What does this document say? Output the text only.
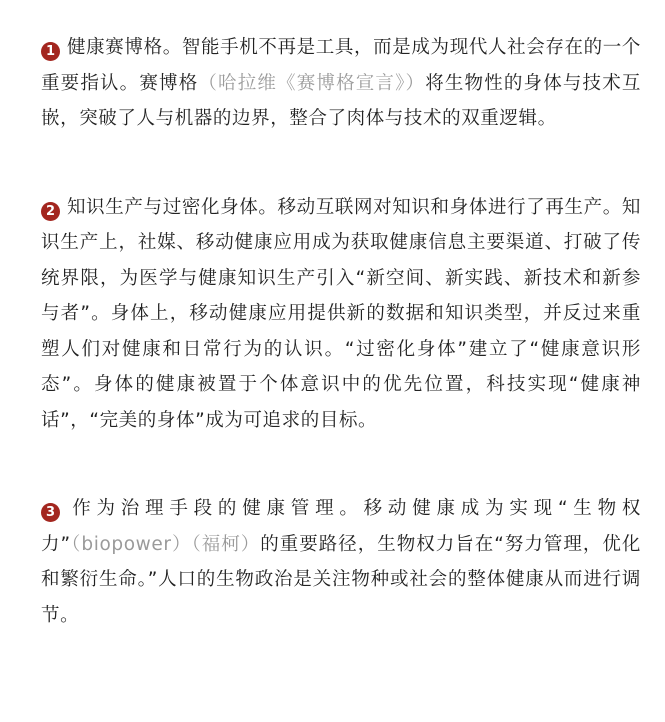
1 健康赛博格。智能手机不再是工具，而是成为现代人社会存在的一个重要指认。赛博格（哈拉维《赛博格宣言》）将生物性的身体与技术互嵌，突破了人与机器的边界，整合了肉体与技术的双重逻辑。

2 知识生产与过密化身体。移动互联网对知识和身体进行了再生产。知识生产上，社媒、移动健康应用成为获取健康信息主要渠道、打破了传统界限，为医学与健康知识生产引入“新空间、新实践、新技术和新参与者”。身体上，移动健康应用提供新的数据和知识类型，并反过来重塑人们对健康和日常行为的认识。“过密化身体”建立了“健康意识形态”。身体的健康被置于个体意识中的优先位置，科技实现“健康神话”，“完美的身体”成为可追求的目标。

3 作为治理手段的健康管理。移动健康成为实现“生物权力”（biopower）（福柯）的重要路径，生物权力旨在“努力管理，优化和繁衍生命。”人口的生物政治是关注物种或社会的整体健康从而进行调节。
